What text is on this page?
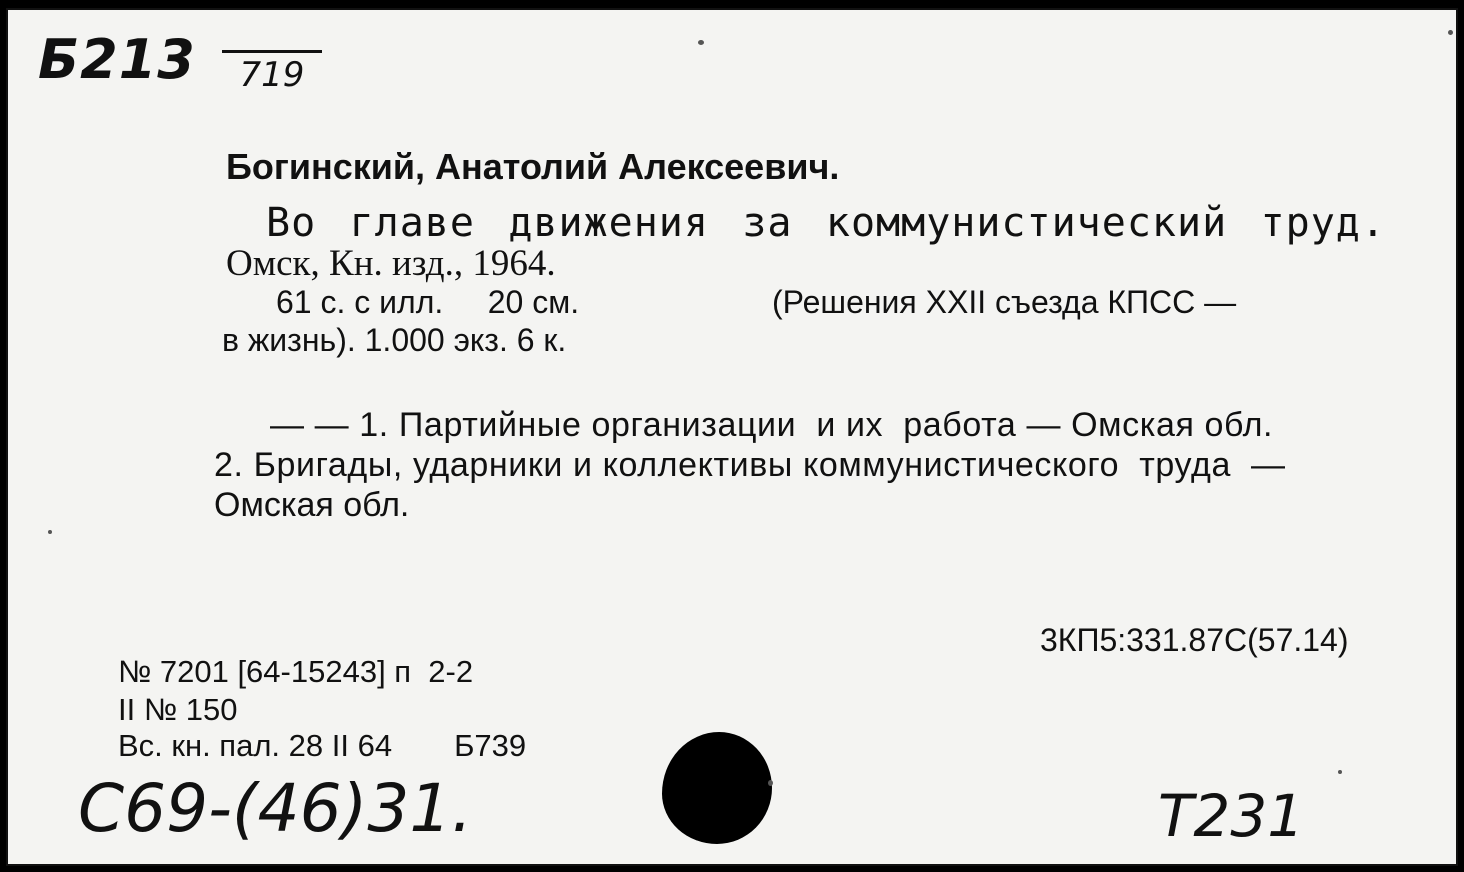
Б213	719
Богинский, Анатолий Алексеевич.
Во главе движения за коммунистический труд.
Омск, Кн. изд., 1964.
61 с. с илл.     20 см.	(Решения XXII съезда КПСС —
в жизнь). 1.000 экз. 6 к.
— — 1. Партийные организации  и их  работа — Омская обл.
2. Бригады, ударники и коллективы коммунистического  труда  —
Омская обл.
3КП5:331.87С(57.14)
№ 7201 [64-15243] п  2-2
II № 150
Вс. кн. пал. 28 II 64 Б739
С69-(46)31.	T231
